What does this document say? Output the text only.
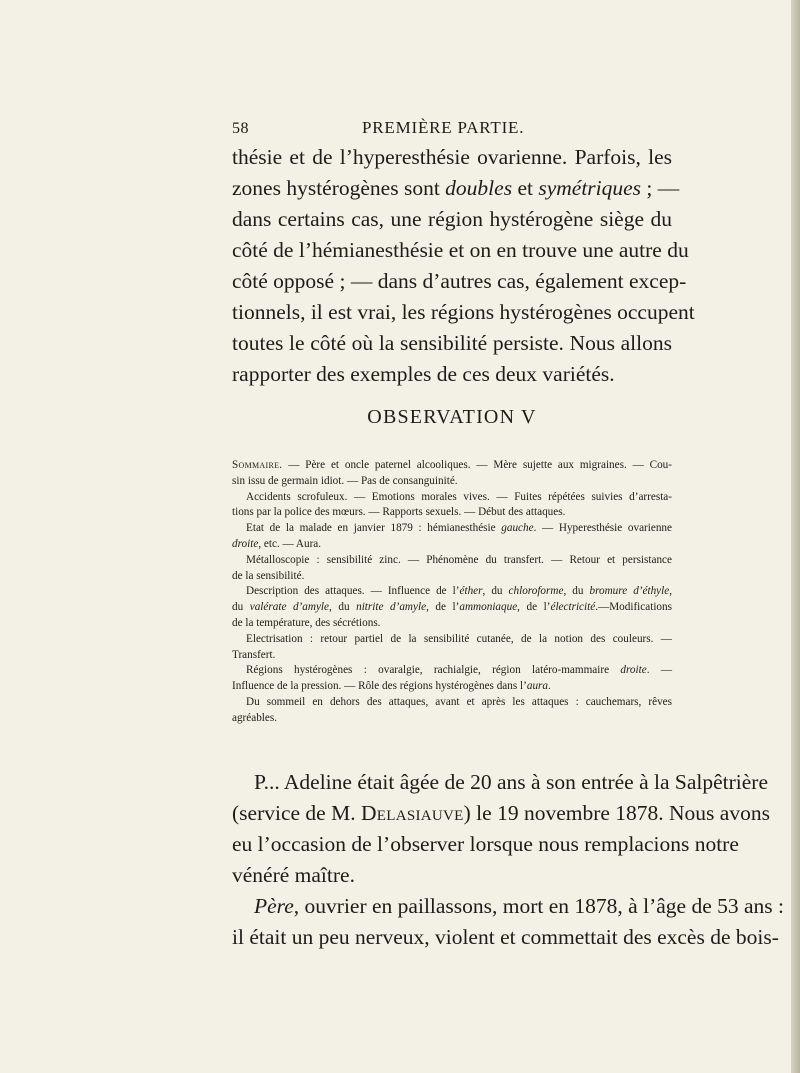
58	PREMIÈRE PARTIE.
thésie et de l’hyperesthésie ovarienne. Parfois, les
zones hystérogènes sont doubles et symétriques ; —
dans certains cas, une région hystérogène siège du
côté de l’hémianesthésie et on en trouve une autre du
côté opposé ; — dans d’autres cas, également excep-
tionnels, il est vrai, les régions hystérogènes occupent
toutes le côté où la sensibilité persiste. Nous allons
rapporter des exemples de ces deux variétés.
OBSERVATION V
Sommaire. — Père et oncle paternel alcooliques. — Mère sujette aux migraines. — Cou-
sin issu de germain idiot. — Pas de consanguinité.
Accidents scrofuleux. — Emotions morales vives. — Fuites répétées suivies d’arresta-
tions par la police des mœurs. — Rapports sexuels. — Début des attaques.
Etat de la malade en janvier 1879 : hémianesthésie gauche. — Hyperesthésie ovarienne
droite, etc. — Aura.
Métalloscopie : sensibilité zinc. — Phénomène du transfert. — Retour et persistance
de la sensibilité.
Description des attaques. — Influence de l’éther, du chloroforme, du bromure d’éthyle,
du valérate d’amyle, du nitrite d’amyle, de l’ammoniaque, de l’électricité.—Modifications
de la température, des sécrétions.
Electrisation : retour partiel de la sensibilité cutanée, de la notion des couleurs. —
Transfert.
Régions hystérogènes : ovaralgie, rachialgie, région latéro-mammaire droite. —
Influence de la pression. — Rôle des régions hystérogènes dans l’aura.
Du sommeil en dehors des attaques, avant et après les attaques : cauchemars, rêves
agréables.
P... Adeline était âgée de 20 ans à son entrée à la Salpêtrière
(service de M. Delasiauve) le 19 novembre 1878. Nous avons
eu l’occasion de l’observer lorsque nous remplacions notre
vénéré maître.
Père, ouvrier en paillassons, mort en 1878, à l’âge de 53 ans :
il était un peu nerveux, violent et commettait des excès de bois-
